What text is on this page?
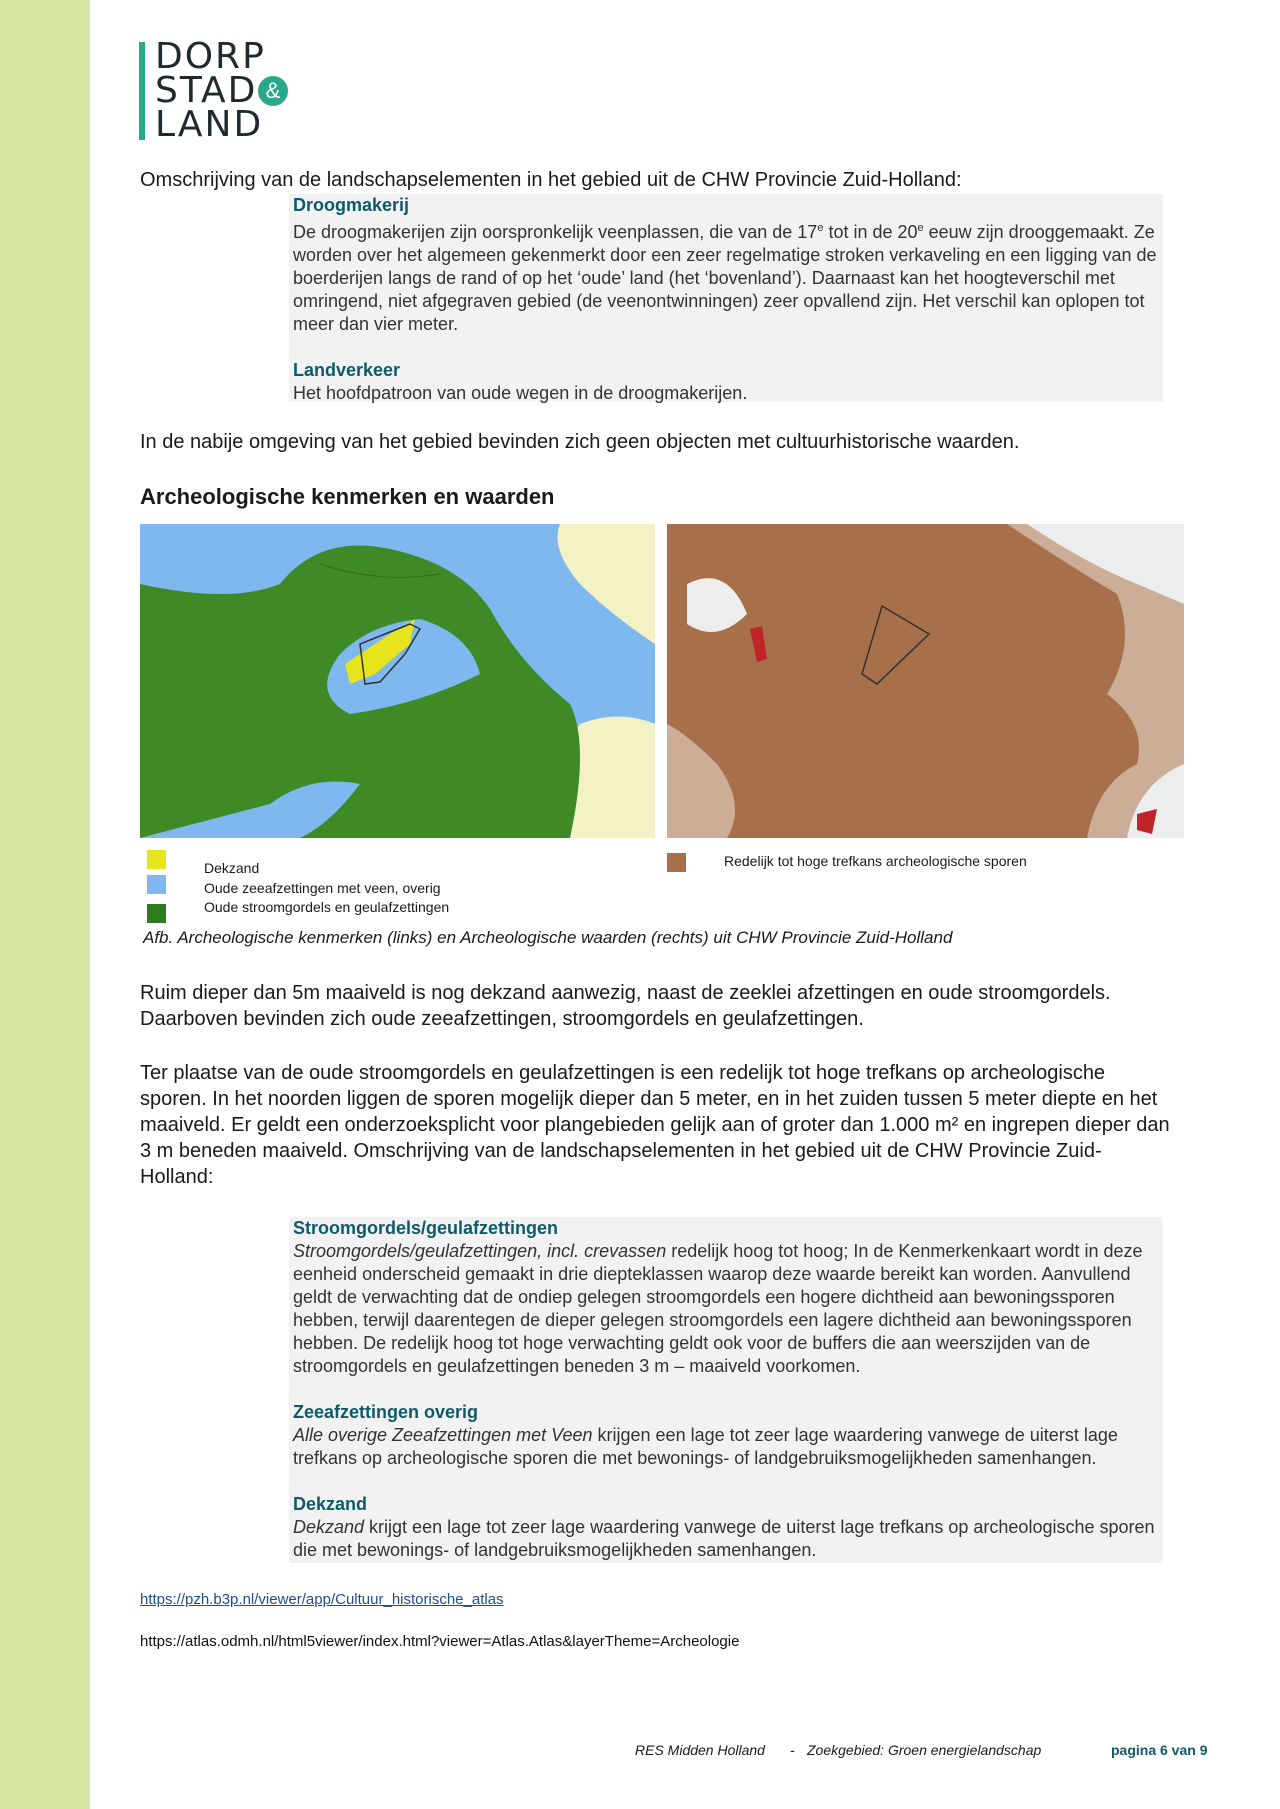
DORP
STAD &
LAND

Omschrijving van de landschapselementen in het gebied uit de CHW Provincie Zuid-Holland:

Droogmakerij

De droogmakerijen zijn oorspronkelijk veenplassen, die van de 17e tot in de 20e eeuw zijn drooggemaakt. Ze worden over het algemeen gekenmerkt door een zeer regelmatige stroken verkaveling en een ligging van de boerderijen langs de rand of op het ‘oude’ land (het ‘bovenland’). Daarnaast kan het hoogteverschil met omringend, niet afgegraven gebied (de veenontwinningen) zeer opvallend zijn. Het verschil kan oplopen tot meer dan vier meter.

Landverkeer

Het hoofdpatroon van oude wegen in de droogmakerijen.

In de nabije omgeving van het gebied bevinden zich geen objecten met cultuurhistorische waarden.

Archeologische kenmerken en waarden
Dekzand
Oude zeeafzettingen met veen, overig
Oude stroomgordels en geulafzettingen
Redelijk tot hoge trefkans archeologische sporen
Afb. Archeologische kenmerken (links) en Archeologische waarden (rechts) uit CHW Provincie Zuid-Holland

Ruim dieper dan 5m maaiveld is nog dekzand aanwezig, naast de zeeklei afzettingen en oude stroomgordels. Daarboven bevinden zich oude zeeafzettingen, stroomgordels en geulafzettingen.

Ter plaatse van de oude stroomgordels en geulafzettingen is een redelijk tot hoge trefkans op archeologische sporen. In het noorden liggen de sporen mogelijk dieper dan 5 meter, en in het zuiden tussen 5 meter diepte en het maaiveld. Er geldt een onderzoeksplicht voor plangebieden gelijk aan of groter dan 1.000 m² en ingrepen dieper dan 3 m beneden maaiveld. Omschrijving van de landschapselementen in het gebied uit de CHW Provincie Zuid-Holland:

Stroomgordels/geulafzettingen

Stroomgordels/geulafzettingen, incl. crevassen redelijk hoog tot hoog; In de Kenmerkenkaart wordt in deze eenheid onderscheid gemaakt in drie diepteklassen waarop deze waarde bereikt kan worden. Aanvullend geldt de verwachting dat de ondiep gelegen stroomgordels een hogere dichtheid aan bewoningssporen hebben, terwijl daarentegen de dieper gelegen stroomgordels een lagere dichtheid aan bewoningssporen hebben. De redelijk hoog tot hoge verwachting geldt ook voor de buffers die aan weerszijden van de stroomgordels en geulafzettingen beneden 3 m – maaiveld voorkomen.

Zeeafzettingen overig

Alle overige Zeeafzettingen met Veen krijgen een lage tot zeer lage waardering vanwege de uiterst lage trefkans op archeologische sporen die met bewonings- of landgebruiksmogelijkheden samenhangen.

Dekzand

Dekzand krijgt een lage tot zeer lage waardering vanwege de uiterst lage trefkans op archeologische sporen die met bewonings- of landgebruiksmogelijkheden samenhangen.

https://pzh.b3p.nl/viewer/app/Cultuur_historische_atlas
https://atlas.odmh.nl/html5viewer/index.html?viewer=Atlas.Atlas&layerTheme=Archeologie
RES Midden Holland - Zoekgebied: Groen energielandschap	pagina 6 van 9
